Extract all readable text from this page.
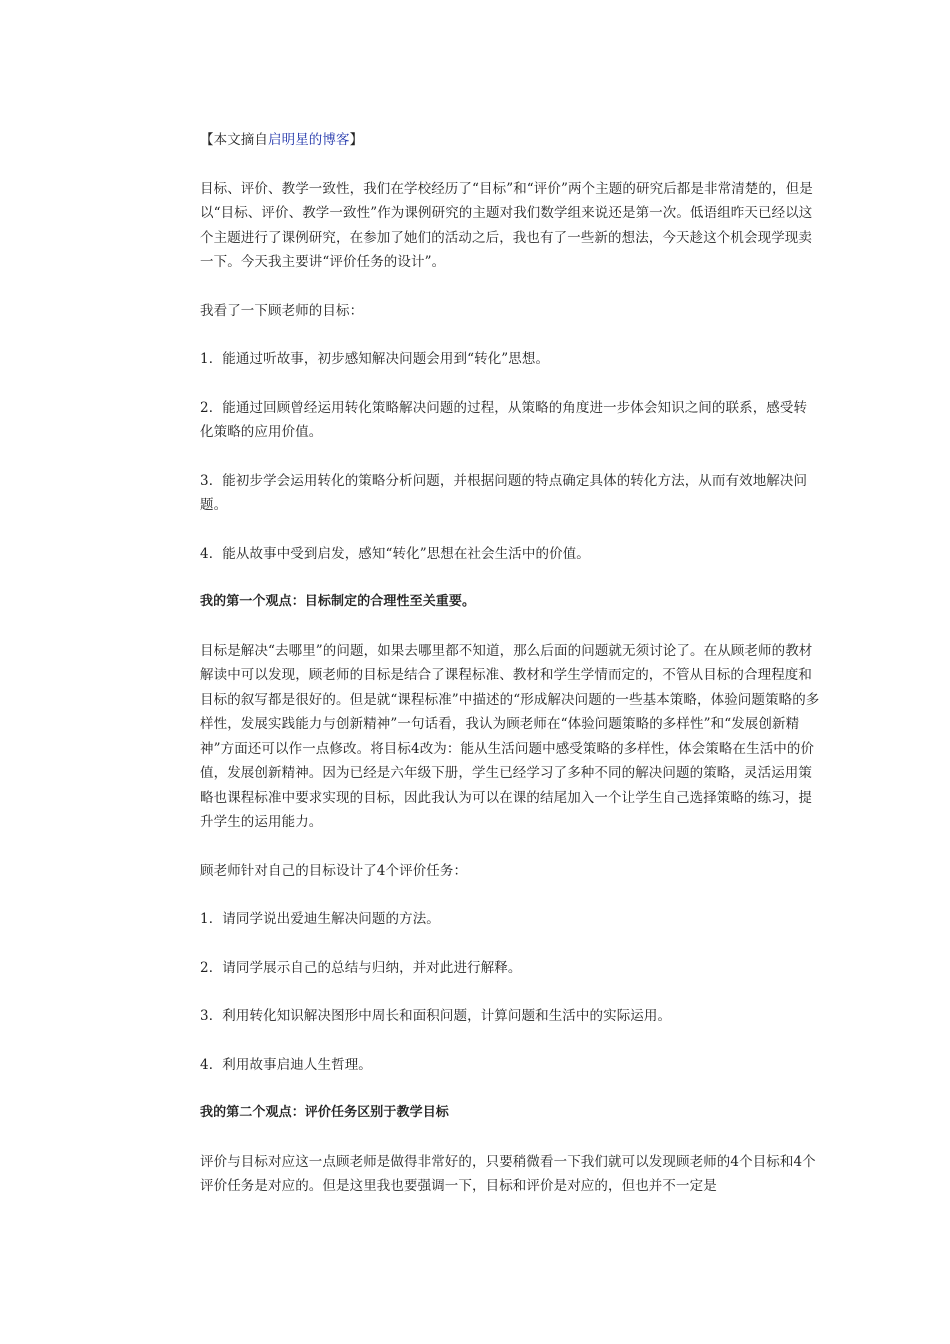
【本文摘自启明星的博客】

目标、评价、教学一致性，我们在学校经历了“目标”和“评价”两个主题的研究后都是非常清楚的，但是以“目标、评价、教学一致性”作为课例研究的主题对我们数学组来说还是第一次。低语组昨天已经以这个主题进行了课例研究，在参加了她们的活动之后，我也有了一些新的想法，今天趁这个机会现学现卖一下。今天我主要讲“评价任务的设计”。

我看了一下顾老师的目标：

1．能通过听故事，初步感知解决问题会用到“转化”思想。

2．能通过回顾曾经运用转化策略解决问题的过程，从策略的角度进一步体会知识之间的联系，感受转化策略的应用价值。

3．能初步学会运用转化的策略分析问题，并根据问题的特点确定具体的转化方法，从而有效地解决问题。

4．能从故事中受到启发，感知“转化”思想在社会生活中的价值。

我的第一个观点：目标制定的合理性至关重要。

目标是解决“去哪里”的问题，如果去哪里都不知道，那么后面的问题就无须讨论了。在从顾老师的教材解读中可以发现，顾老师的目标是结合了课程标准、教材和学生学情而定的，不管从目标的合理程度和目标的叙写都是很好的。但是就“课程标准”中描述的“形成解决问题的一些基本策略，体验问题策略的多样性，发展实践能力与创新精神”一句话看，我认为顾老师在“体验问题策略的多样性”和“发展创新精神”方面还可以作一点修改。将目标4改为：能从生活问题中感受策略的多样性，体会策略在生活中的价值，发展创新精神。因为已经是六年级下册，学生已经学习了多种不同的解决问题的策略，灵活运用策略也课程标准中要求实现的目标，因此我认为可以在课的结尾加入一个让学生自己选择策略的练习，提升学生的运用能力。

顾老师针对自己的目标设计了4个评价任务：

1．请同学说出爱迪生解决问题的方法。

2．请同学展示自己的总结与归纳，并对此进行解释。

3．利用转化知识解决图形中周长和面积问题，计算问题和生活中的实际运用。

4．利用故事启迪人生哲理。

我的第二个观点：评价任务区别于教学目标

评价与目标对应这一点顾老师是做得非常好的，只要稍微看一下我们就可以发现顾老师的4个目标和4个评价任务是对应的。但是这里我也要强调一下，目标和评价是对应的，但也并不一定是
